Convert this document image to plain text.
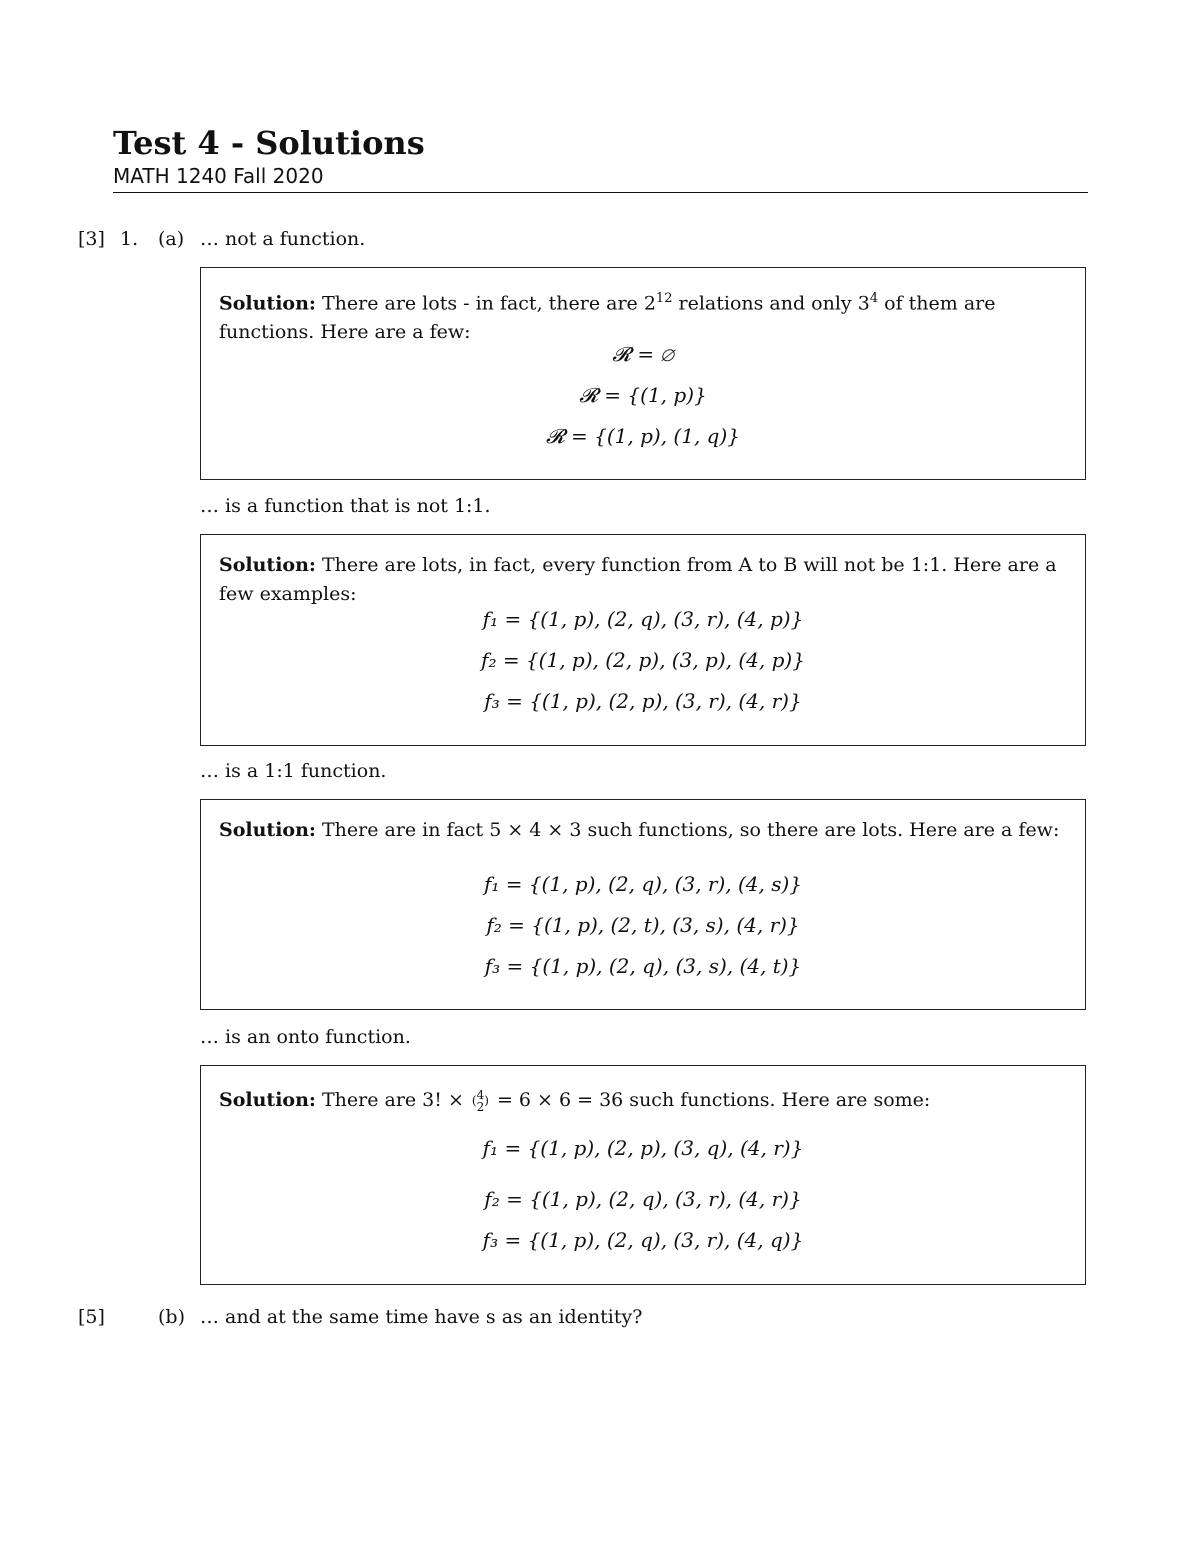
Test 4 - Solutions
MATH 1240 Fall 2020
[3] 1. (a) … not a function.
Solution: There are lots - in fact, there are $2^{12}$ relations and only $3^4$ of them are functions. Here are a few:
𝓡 = ∅
𝓡 = {(1, p)}
𝓡 = {(1, p), (1, q)}
… is a function that is not 1:1.
Solution: There are lots, in fact, every function from A to B will not be 1:1. Here are a few examples:
f₁ = {(1, p), (2, q), (3, r), (4, p)}
f₂ = {(1, p), (2, p), (3, p), (4, p)}
f₃ = {(1, p), (2, p), (3, r), (4, r)}
… is a 1:1 function.
Solution: There are in fact 5 × 4 × 3 such functions, so there are lots. Here are a few:
f₁ = {(1, p), (2, q), (3, r), (4, s)}
f₂ = {(1, p), (2, t), (3, s), (4, r)}
f₃ = {(1, p), (2, q), (3, s), (4, t)}
… is an onto function.
Solution: There are 3! × (4
2) = 6 × 6 = 36 such functions. Here are some:
f₁ = {(1, p), (2, p), (3, q), (4, r)}
f₂ = {(1, p), (2, q), (3, r), (4, r)}
f₃ = {(1, p), (2, q), (3, r), (4, q)}
[5]	(b) … and at the same time have s as an identity?
